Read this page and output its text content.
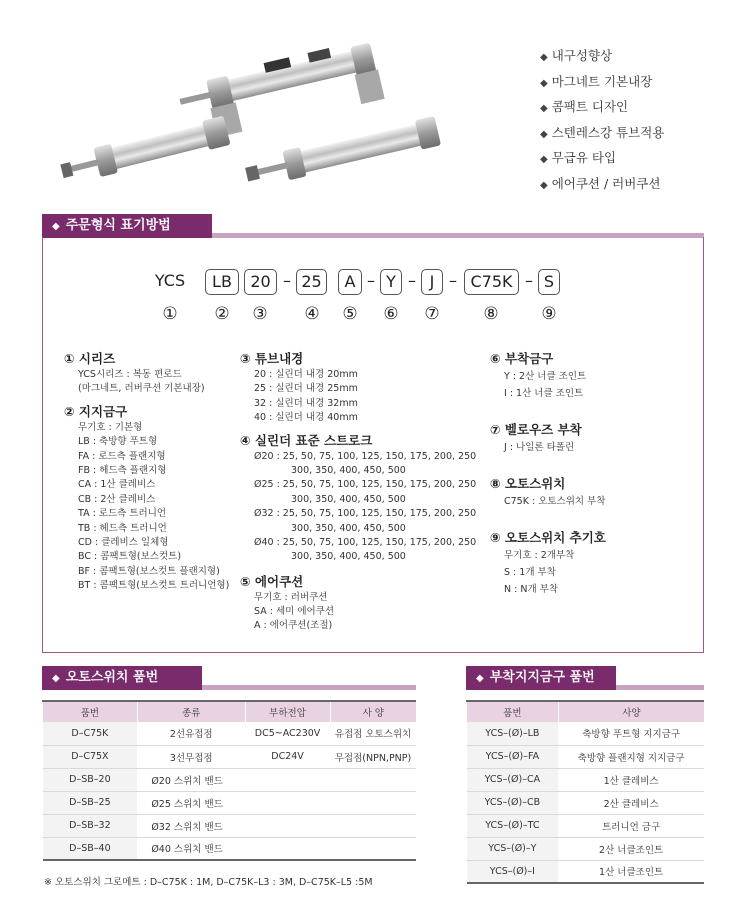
◆ 내구성향상
◆ 마그네트 기본내장
◆ 콤팩트 디자인
◆ 스텐레스강 튜브적용
◆ 무급유 타입
◆ 에어쿠션 / 러버쿠션
◆ 주문형식 표기방법
YCS	LB	20 – 25	A – Y – J – C75K – S
① ② ③ ④ ⑤ ⑥ ⑦	⑧	⑨
① 시리즈
YCS시리즈 : 복동 편로드
(마그네트, 러버쿠션 기본내장)
② 지지금구
무기호 : 기본형
LB : 축방향 푸트형
FA : 로드측 플랜지형
FB : 헤드측 플랜지형
CA : 1산 클레비스
CB : 2산 클레비스
TA : 로드측 트러니언
TB : 헤드측 트러니언
CD : 클레비스 일체형
BC : 콤팩트형(보스컷트)
BF : 콤팩트형(보스컷트 플랜지형)
BT : 콤팩트형(보스컷트 트러니언형)
③ 튜브내경
20 : 실린더 내경 20mm
25 : 실린더 내경 25mm
32 : 실린더 내경 32mm
40 : 실린더 내경 40mm
④ 실린더 표준 스트로크
Ø20 : 25, 50, 75, 100, 125, 150, 175, 200, 250
300, 350, 400, 450, 500
Ø25 : 25, 50, 75, 100, 125, 150, 175, 200, 250
300, 350, 400, 450, 500
Ø32 : 25, 50, 75, 100, 125, 150, 175, 200, 250
300, 350, 400, 450, 500
Ø40 : 25, 50, 75, 100, 125, 150, 175, 200, 250
300, 350, 400, 450, 500
⑤ 에어쿠션
무기호 : 러버쿠션
SA : 세미 에어쿠션
A : 에어쿠션(조절)
⑥ 부착금구
Y : 2산 너클 조인트
I : 1산 너클 조인트
⑦ 벨로우즈 부착
J : 나일론 타폴린
⑧ 오토스위치
C75K : 오토스위치 부착
⑨ 오토스위치 추기호
무기호 : 2개부착
S : 1개 부착
N : N개 부착
◆ 오토스위치 품번
품번	종류	부하전압	사 양
D–C75K	2선유접점	DC5~AC230V	유접점 오토스위치
D–C75X	3선무접점	DC24V	무접점(NPN,PNP)
D–SB–20	Ø20 스위치 밴드		
D–SB–25	Ø25 스위치 밴드		
D–SB–32	Ø32 스위치 밴드		
D–SB–40	Ø40 스위치 밴드		
※ 오토스위치 그로메트 : D–C75K : 1M, D–C75K–L3 : 3M, D–C75K–L5 :5M
◆ 부착지지금구 품번
품번	사양
YCS–(Ø)–LB	축방향 푸트형 지지금구
YCS–(Ø)–FA	축방향 플랜지형 지지금구
YCS–(Ø)–CA	1산 클레비스
YCS–(Ø)–CB	2산 클레비스
YCS–(Ø)–TC	트러니언 금구
YCS–(Ø)–Y	2산 너클조인트
YCS–(Ø)–I	1산 너클조인트
